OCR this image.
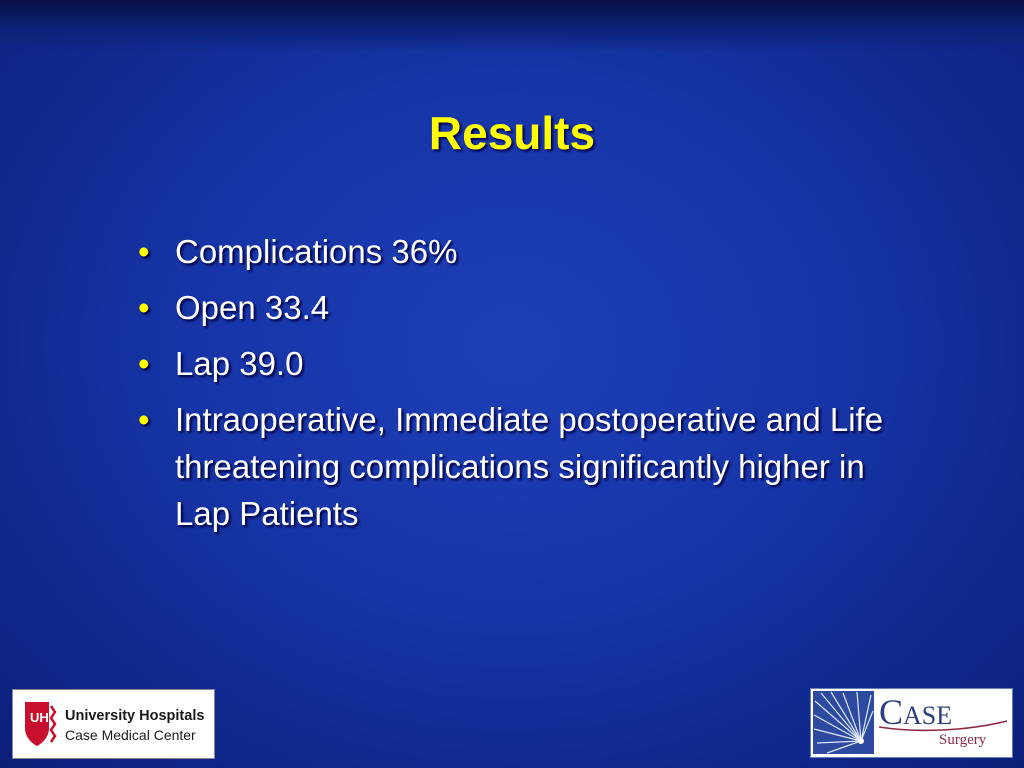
Results
• Complications 36%
• Open 33.4
• Lap 39.0
• Intraoperative, Immediate postoperative and Life threatening complications significantly higher in Lap Patients
UH University Hospitals
Case Medical Center
CASE
Surgery
